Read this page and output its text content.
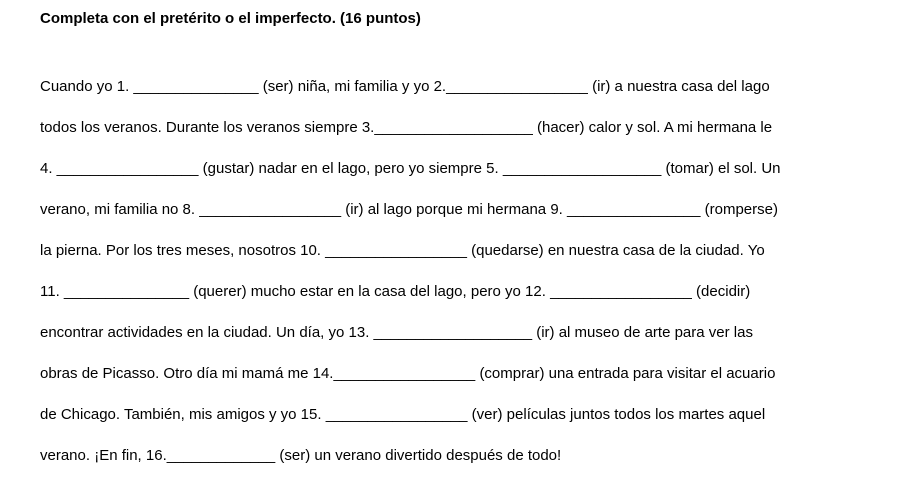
Completa con el pretérito o el imperfecto. (16 puntos)
Cuando yo 1. _______________ (ser) niña, mi familia y yo 2._________________ (ir) a nuestra casa del lago
todos los veranos. Durante los veranos siempre 3.___________________ (hacer) calor y sol. A mi hermana le
4. _________________ (gustar) nadar en el lago, pero yo siempre 5. ___________________ (tomar) el sol. Un
verano, mi familia no 8. _________________ (ir) al lago porque mi hermana 9. ________________ (romperse)
la pierna. Por los tres meses, nosotros 10. _________________ (quedarse) en nuestra casa de la ciudad. Yo
11. _______________ (querer) mucho estar en la casa del lago, pero yo 12. _________________ (decidir)
encontrar actividades en la ciudad. Un día, yo 13. ___________________ (ir) al museo de arte para ver las
obras de Picasso. Otro día mi mamá me 14._________________ (comprar) una entrada para visitar el acuario
de Chicago. También, mis amigos y yo 15. _________________ (ver) películas juntos todos los martes aquel
verano. ¡En fin, 16._____________ (ser) un verano divertido después de todo!
